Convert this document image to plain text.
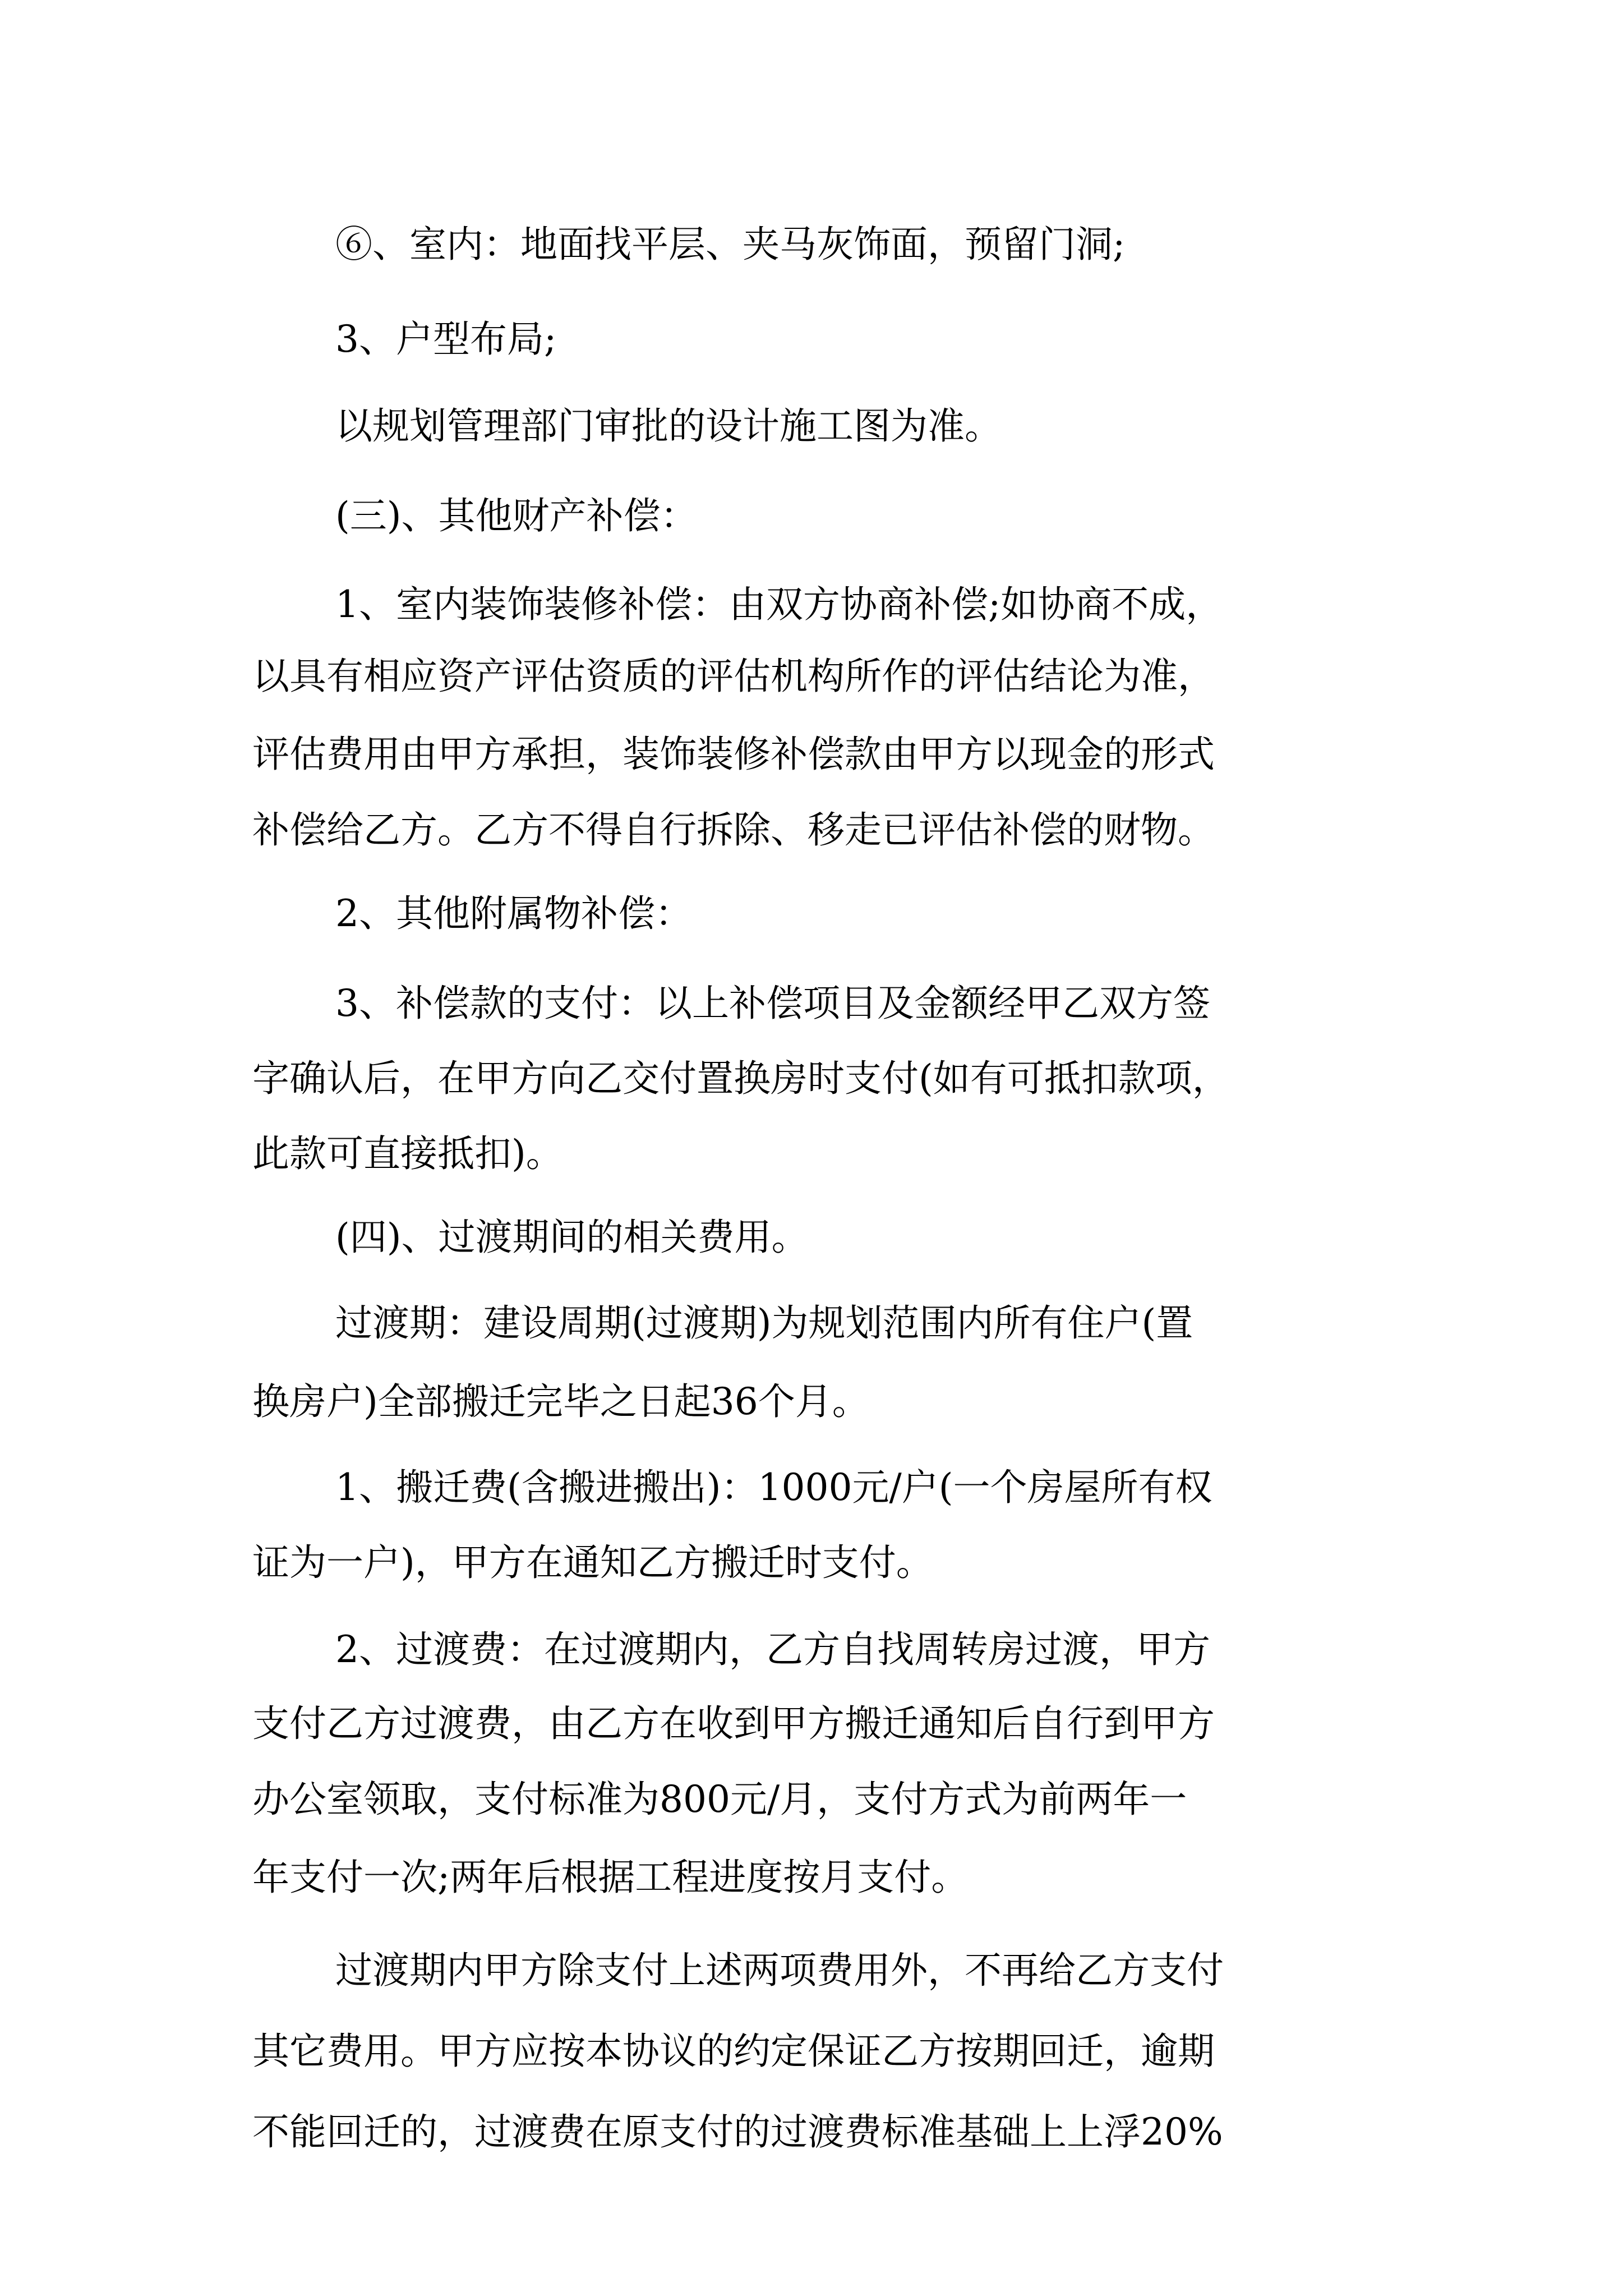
⑥、室内：地面找平层、夹马灰饰面，预留门洞;
3、户型布局;
以规划管理部门审批的设计施工图为准。
(三)、其他财产补偿：
1、室内装饰装修补偿：由双方协商补偿;如协商不成，
以具有相应资产评估资质的评估机构所作的评估结论为准，
评估费用由甲方承担，装饰装修补偿款由甲方以现金的形式
补偿给乙方。乙方不得自行拆除、移走已评估补偿的财物。
2、其他附属物补偿：
3、补偿款的支付：以上补偿项目及金额经甲乙双方签
字确认后，在甲方向乙交付置换房时支付(如有可抵扣款项，
此款可直接抵扣)。
(四)、过渡期间的相关费用。
过渡期：建设周期(过渡期)为规划范围内所有住户(置
换房户)全部搬迁完毕之日起36个月。
1、搬迁费(含搬进搬出)：1000元/户(一个房屋所有权
证为一户)，甲方在通知乙方搬迁时支付。
2、过渡费：在过渡期内，乙方自找周转房过渡，甲方
支付乙方过渡费，由乙方在收到甲方搬迁通知后自行到甲方
办公室领取，支付标准为800元/月，支付方式为前两年一
年支付一次;两年后根据工程进度按月支付。
过渡期内甲方除支付上述两项费用外，不再给乙方支付
其它费用。甲方应按本协议的约定保证乙方按期回迁，逾期
不能回迁的，过渡费在原支付的过渡费标准基础上上浮20%
